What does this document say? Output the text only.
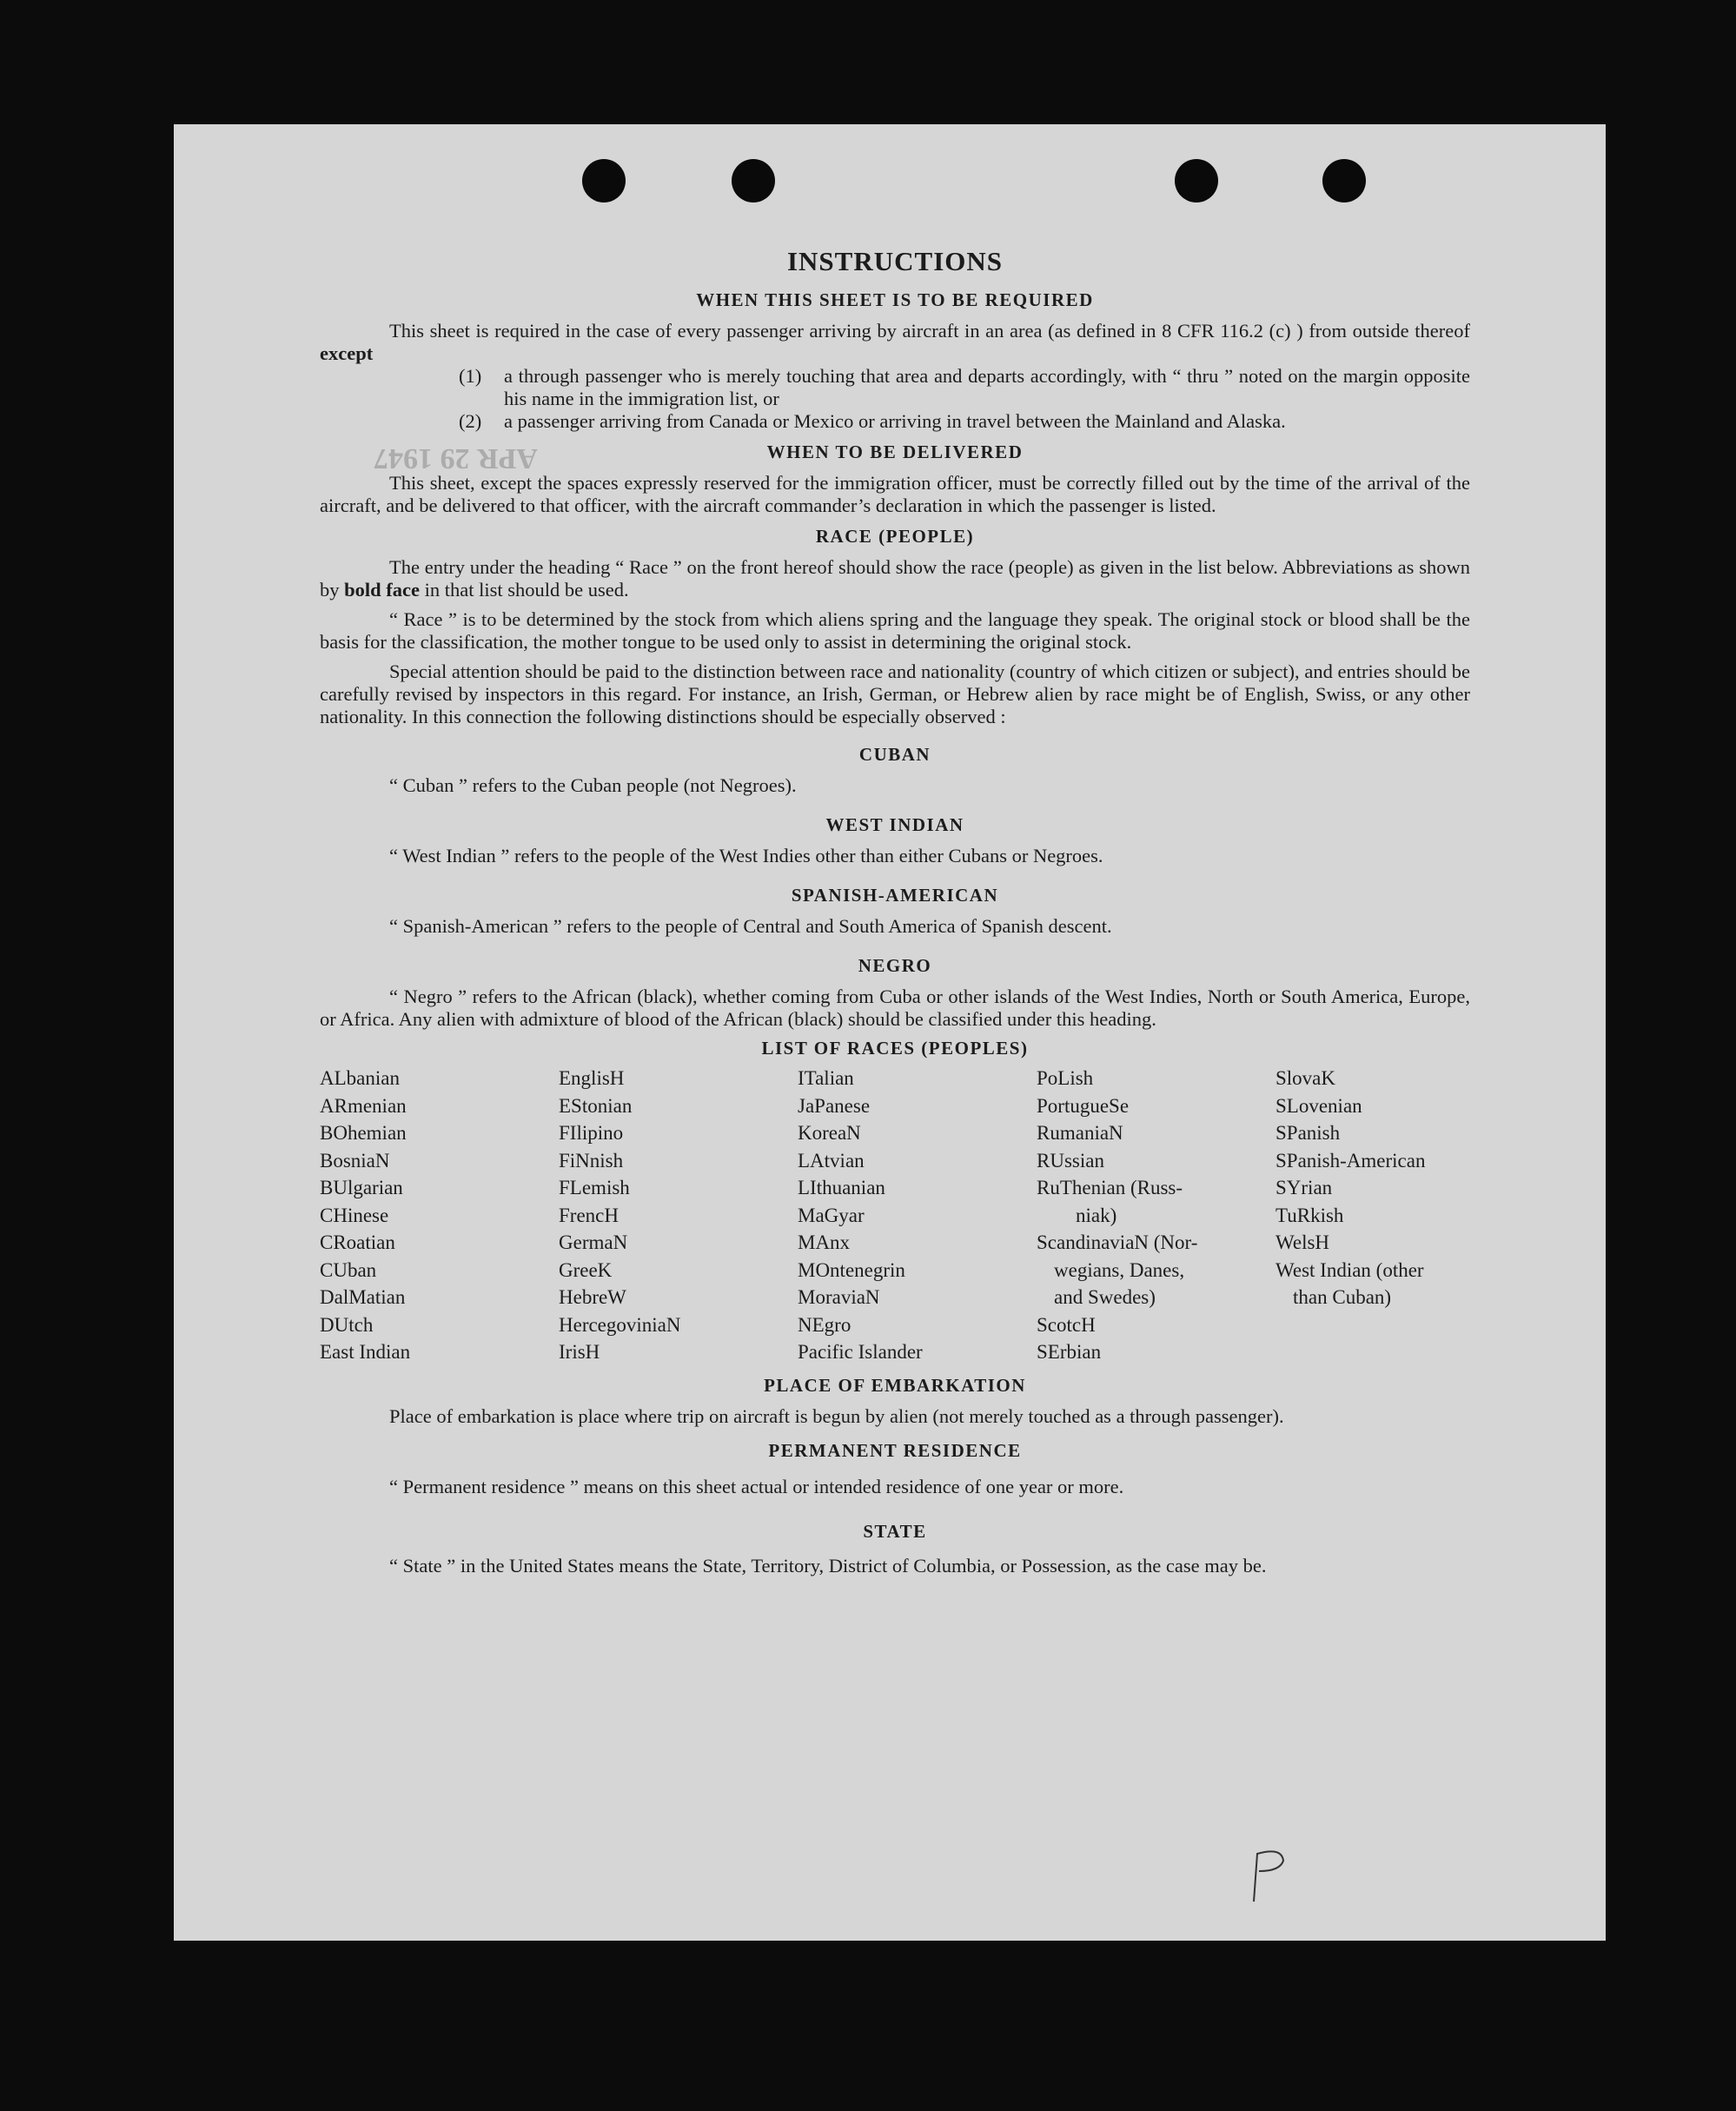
APR 29 1947
INSTRUCTIONS
WHEN THIS SHEET IS TO BE REQUIRED

This sheet is required in the case of every passenger arriving by aircraft in an area (as defined in 8 CFR 116.2 (c) ) from outside thereof except

(1)	a through passenger who is merely touching that area and departs accordingly, with “ thru ” noted on the margin opposite his name in the immigration list, or
(2)	a passenger arriving from Canada or Mexico or arriving in travel between the Mainland and Alaska.
WHEN TO BE DELIVERED

This sheet, except the spaces expressly reserved for the immigration officer, must be correctly filled out by the time of the arrival of the aircraft, and be delivered to that officer, with the aircraft commander’s declaration in which the passenger is listed.

RACE (PEOPLE)

The entry under the heading “ Race ” on the front hereof should show the race (people) as given in the list below. Abbreviations as shown by bold face in that list should be used.

“ Race ” is to be determined by the stock from which aliens spring and the language they speak. The original stock or blood shall be the basis for the classification, the mother tongue to be used only to assist in determining the original stock.

Special attention should be paid to the distinction between race and nationality (country of which citizen or subject), and entries should be carefully revised by inspectors in this regard. For instance, an Irish, German, or Hebrew alien by race might be of English, Swiss, or any other nationality. In this connection the following distinctions should be especially observed :

CUBAN
“ Cuban ” refers to the Cuban people (not Negroes).
WEST INDIAN
“ West Indian ” refers to the people of the West Indies other than either Cubans or Negroes.
SPANISH-AMERICAN
“ Spanish-American ” refers to the people of Central and South America of Spanish descent.
NEGRO

“ Negro ” refers to the African (black), whether coming from Cuba or other islands of the West Indies, North or South America, Europe, or Africa. Any alien with admixture of blood of the African (black) should be classified under this heading.

LIST OF RACES (PEOPLES)
ALbanian
ARmenian
BOhemian
BosniaN
BUlgarian
CHinese
CRoatian
CUban
DalMatian
DUtch
East Indian
EnglisH
EStonian
FIlipino
FiNnish
FLemish
FrencH
GermaN
GreeK
HebreW
HercegoviniaN
IrisH
ITalian
JaPanese
KoreaN
LAtvian
LIthuanian
MaGyar
MAnx
MOntenegrin
MoraviaN
NEgro
Pacific Islander
PoLish
PortugueSe
RumaniaN
RUssian
RuThenian (Russ-
niak)
ScandinaviaN (Nor-
wegians, Danes,
and Swedes)
ScotcH
SErbian
SlovaK
SLovenian
SPanish
SPanish-American
SYrian
TuRkish
WelsH
West Indian (other
than Cuban)
PLACE OF EMBARKATION

Place of embarkation is place where trip on aircraft is begun by alien (not merely touched as a through passenger).

PERMANENT RESIDENCE
“ Permanent residence ” means on this sheet actual or intended residence of one year or more.
STATE

“ State ” in the United States means the State, Territory, District of Columbia, or Possession, as the case may be.
